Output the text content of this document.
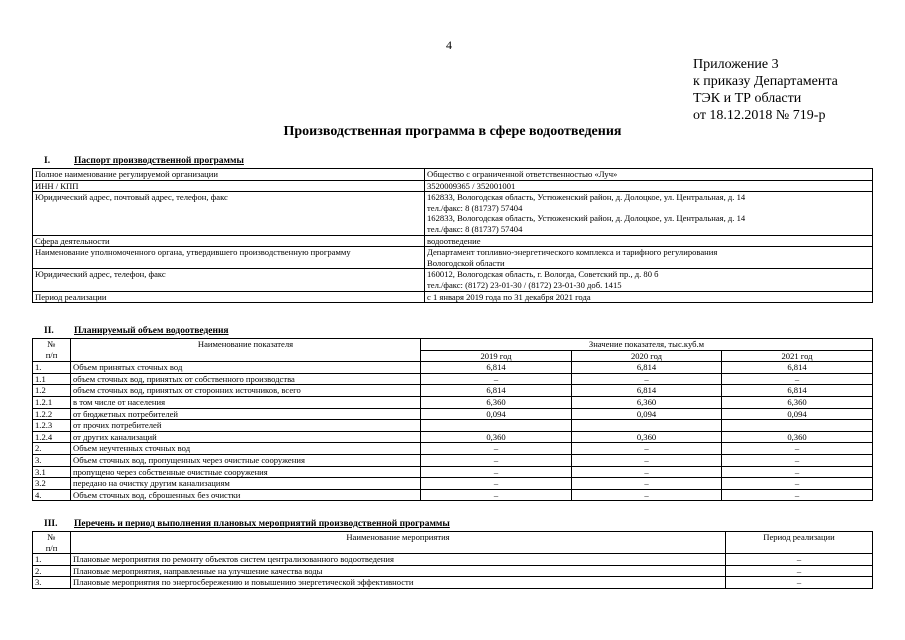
4
Приложение 3
к приказу Департамента
ТЭК и ТР области
от 18.12.2018 № 719-р
Производственная программа в сфере водоотведения
I.	Паспорт производственной программы
Полное наименование регулируемой организации	Общество с ограниченной ответственностью «Луч»
ИНН / КПП	3520009365 / 352001001
Юридический адрес, почтовый адрес, телефон, факс	162833, Вологодская область, Устюженский район, д. Долоцкое, ул. Центральная, д. 14
тел./факс: 8 (81737) 57404
162833, Вологодская область, Устюженский район, д. Долоцкое, ул. Центральная, д. 14
тел./факс: 8 (81737) 57404

Сфера деятельности	водоотведение
Наименование уполномоченного органа, утвердившего производственную программу	Департамент топливно-энергетического комплекса и тарифного регулирования
Вологодской области

Юридический адрес, телефон, факс	160012, Вологодская область, г. Вологда, Советский пр., д. 80 б
тел./факс: (8172) 23-01-30 / (8172) 23-01-30 доб. 1415

Период реализации	с 1 января 2019 года по 31 декабря 2021 года
II. Планируемый объем водоотведения
№	Наименование показателя	Значение показателя, тыс.куб.м		
п/п		2019 год	2020 год	2021 год
1.	Объем принятых сточных вод	6,814	6,814	6,814
1.1	объем сточных вод, принятых от собственного производства	–	–	–
1.2	объем сточных вод, принятых от сторонних источников, всего	6,814	6,814	6,814
1.2.1	в том числе от населения	6,360	6,360	6,360
1.2.2	от бюджетных потребителей	0,094	0,094	0,094
1.2.3	от прочих потребителей			
1.2.4	от других канализаций	0,360	0,360	0,360
2.	Объем неучтенных сточных вод	–	–	–
3.	Объем сточных вод, пропущенных через очистные сооружения	–	–	–
3.1	пропущено через собственные очистные сооружения	–	–	–
3.2	передано на очистку другим канализациям	–	–	–
4.	Объем сточных вод, сброшенных без очистки	–	–	–
III. Перечень и период выполнения плановых мероприятий производственной программы
№	Наименование мероприятия	Период реализации
п/п		
1.	Плановые мероприятия по ремонту объектов систем централизованного водоотведения	–
2.	Плановые мероприятия, направленные на улучшение качества воды	–
3.	Плановые мероприятия по энергосбережению и повышению энергетической эффективности	–
